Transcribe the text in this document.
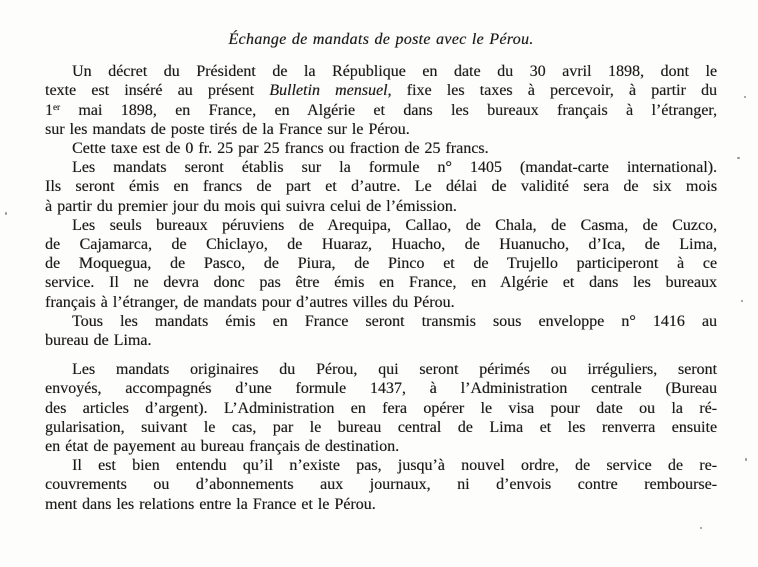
Échange de mandats de poste avec le Pérou.
Un décret du Président de la République en date du 30 avril 1898, dont le
texte est inséré au présent Bulletin mensuel, fixe les taxes à percevoir, à partir du
1er mai 1898, en France, en Algérie et dans les bureaux français à l’étranger,
sur les mandats de poste tirés de la France sur le Pérou.
Cette taxe est de 0 fr. 25 par 25 francs ou fraction de 25 francs.
Les mandats seront établis sur la formule n° 1405 (mandat-carte international).
Ils seront émis en francs de part et d’autre. Le délai de validité sera de six mois
à partir du premier jour du mois qui suivra celui de l’émission.
Les seuls bureaux péruviens de Arequipa, Callao, de Chala, de Casma, de Cuzco,
de Cajamarca, de Chiclayo, de Huaraz, Huacho, de Huanucho, d’Ica, de Lima,
de Moquegua, de Pasco, de Piura, de Pinco et de Trujello participeront à ce
service. Il ne devra donc pas être émis en France, en Algérie et dans les bureaux
français à l’étranger, de mandats pour d’autres villes du Pérou.
Tous les mandats émis en France seront transmis sous enveloppe n° 1416 au
bureau de Lima.
Les mandats originaires du Pérou, qui seront périmés ou irréguliers, seront
envoyés, accompagnés d’une formule 1437, à l’Administration centrale (Bureau
des articles d’argent). L’Administration en fera opérer le visa pour date ou la ré-
gularisation, suivant le cas, par le bureau central de Lima et les renverra ensuite
en état de payement au bureau français de destination.
Il est bien entendu qu’il n’existe pas, jusqu’à nouvel ordre, de service de re-
couvrements ou d’abonnements aux journaux, ni d’envois contre rembourse-
ment dans les relations entre la France et le Pérou.
